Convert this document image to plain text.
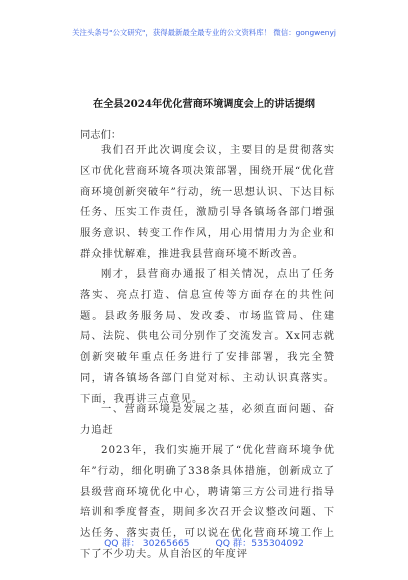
关注头条号"公文研究"，获得最新最全最专业的公文资料库！ 微信：gongwenyj
在全县2024年优化营商环境调度会上的讲话提纲
同志们：

我们召开此次调度会议，主要目的是贯彻落实区市优化营商环境各项决策部署，围绕开展“优化营商环境创新突破年”行动，统一思想认识、下达目标任务、压实工作责任，激励引导各镇场各部门增强服务意识、转变工作作风，用心用情用力为企业和群众排忧解难，推进我县营商环境不断改善。

刚才，县营商办通报了相关情况，点出了任务落实、亮点打造、信息宣传等方面存在的共性问题。县政务服务局、发改委、市场监管局、住建局、法院、供电公司分别作了交流发言。Xx同志就创新突破年重点任务进行了安排部署，我完全赞同，请各镇场各部门自觉对标、主动认识真落实。下面，我再讲三点意见。

一、营商环境是发展之基，必须直面问题、奋力追赶

2023年，我们实施开展了“优化营商环境争优年”行动，细化明确了338条具体措施，创新成立了县级营商环境优化中心，聘请第三方公司进行指导培训和季度督查，期间多次召开会议整改问题、下达任务、落实责任，可以说在优化营商环境工作上下了不少功夫。从自治区的年度评

QQ 群： 30265665	QQ 群：535304092
